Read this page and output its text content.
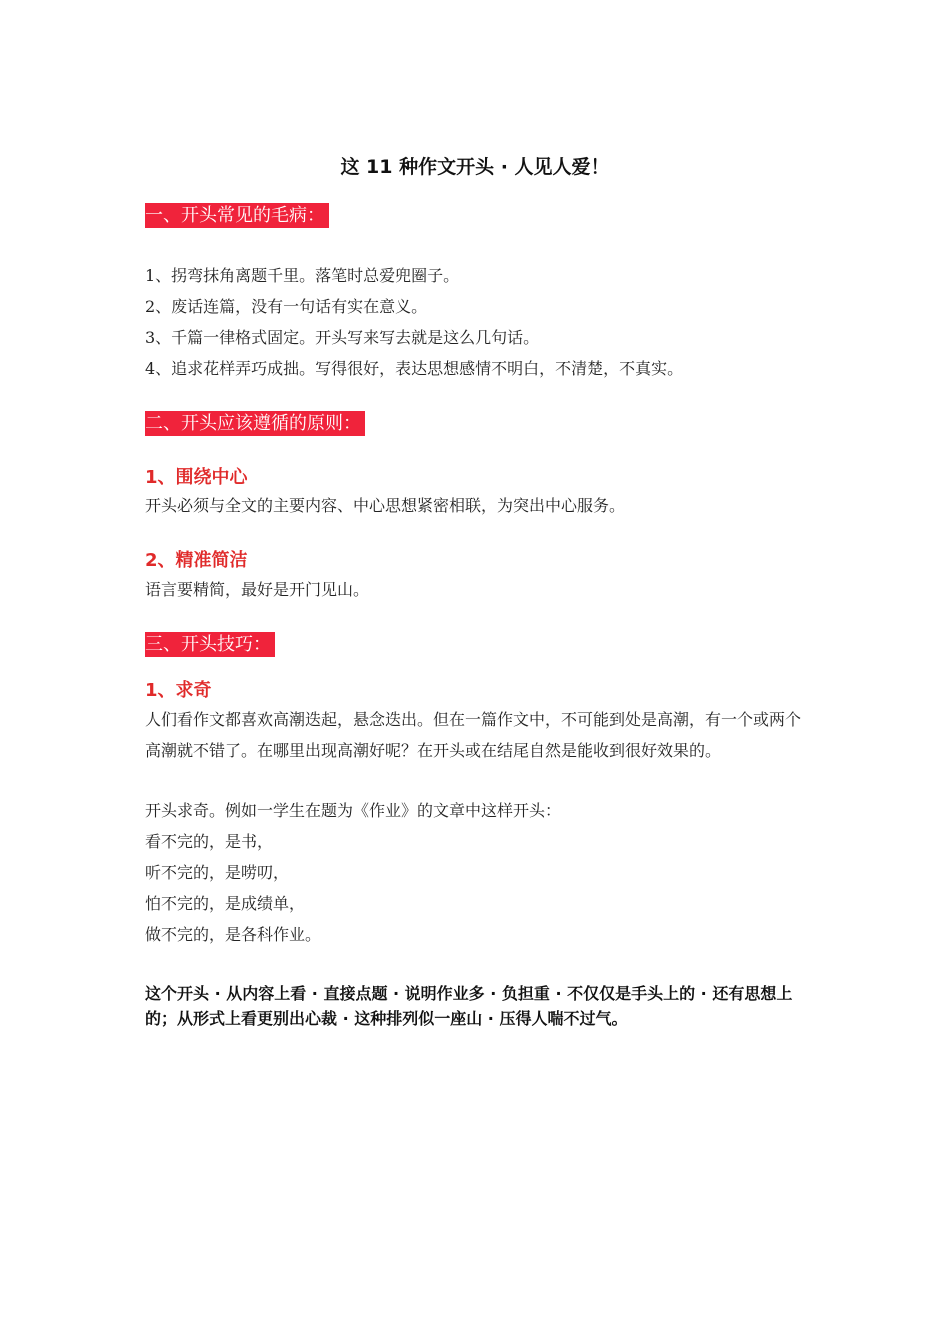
这 11 种作文开头 · 人见人爱！
一、开头常见的毛病：
1、拐弯抹角离题千里。落笔时总爱兜圈子。
2、废话连篇，没有一句话有实在意义。
3、千篇一律格式固定。开头写来写去就是这么几句话。
4、追求花样弄巧成拙。写得很好，表达思想感情不明白，不清楚，不真实。
二、开头应该遵循的原则：
1、围绕中心
开头必须与全文的主要内容、中心思想紧密相联，为突出中心服务。
2、精准简洁
语言要精简，最好是开门见山。
三、开头技巧：
1、求奇
人们看作文都喜欢高潮迭起，悬念迭出。但在一篇作文中，不可能到处是高潮，有一个或两个高潮就不错了。在哪里出现高潮好呢？在开头或在结尾自然是能收到很好效果的。
开头求奇。例如一学生在题为《作业》的文章中这样开头：
看不完的，是书，
听不完的，是唠叨，
怕不完的，是成绩单，
做不完的，是各科作业。
这个开头 · 从内容上看 · 直接点题 · 说明作业多 · 负担重 · 不仅仅是手头上的 · 还有思想上的；从形式上看更别出心裁 · 这种排列似一座山 · 压得人喘不过气。
